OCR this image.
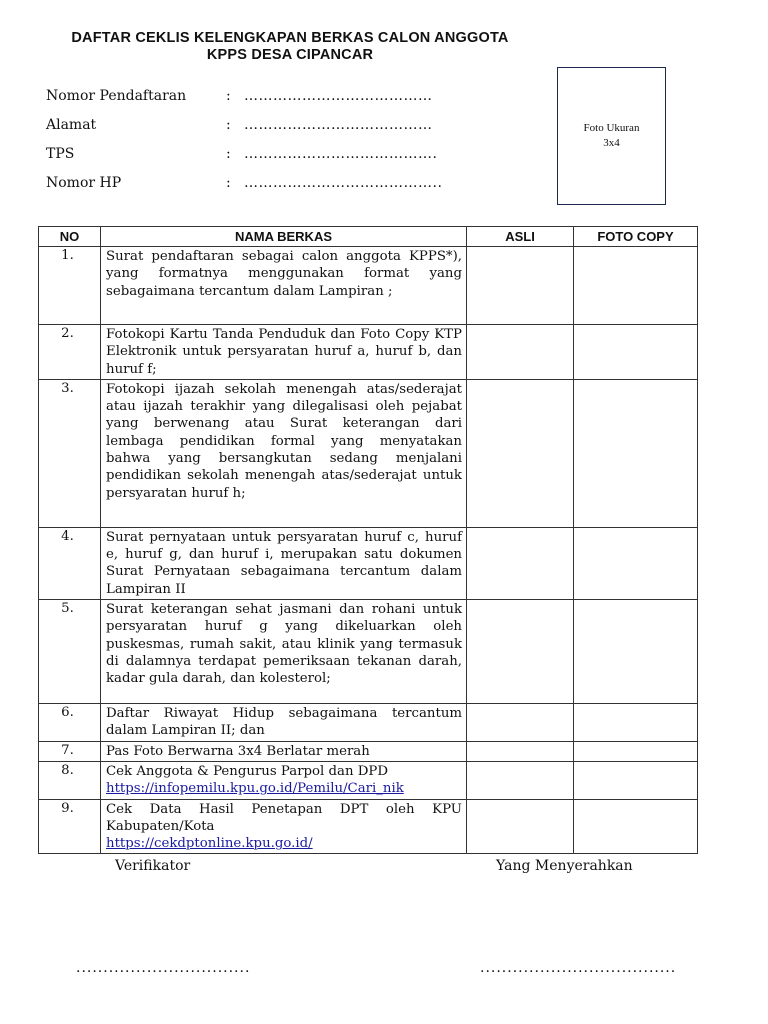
DAFTAR CEKLIS KELENGKAPAN BERKAS CALON ANGGOTA
KPPS DESA CIPANCAR
Nomor Pendaftaran	: …………………………………
Alamat	: …………………………………
TPS	: ………………………………….
Nomor HP	: …………………………………..
Foto Ukuran
3x4
NO	NAMA BERKAS	ASLI	FOTO COPY
1.	Surat pendaftaran sebagai calon anggota KPPS*), yang formatnya menggunakan format yang sebagaimana tercantum dalam Lampiran ;		

2.	Fotokopi Kartu Tanda Penduduk dan Foto Copy KTP Elektronik untuk persyaratan huruf a, huruf b, dan huruf f;		

3.	Fotokopi ijazah sekolah menengah atas/sederajat atau ijazah terakhir yang dilegalisasi oleh pejabat yang berwenang atau Surat keterangan dari lembaga pendidikan formal yang menyatakan bahwa yang bersangkutan sedang menjalani pendidikan sekolah menengah atas/sederajat untuk persyaratan huruf h;		

4.	Surat pernyataan untuk persyaratan huruf c, huruf e, huruf g, dan huruf i, merupakan satu dokumen Surat Pernyataan sebagaimana tercantum dalam Lampiran II		

5.	Surat keterangan sehat jasmani dan rohani untuk persyaratan huruf g yang dikeluarkan oleh puskesmas, rumah sakit, atau klinik yang termasuk di dalamnya terdapat pemeriksaan tekanan darah, kadar gula darah, dan kolesterol;		

6.	Daftar Riwayat Hidup sebagaimana tercantum dalam Lampiran II; dan		

7.	Pas Foto Berwarna 3x4 Berlatar merah		

8.	Cek Anggota & Pengurus Parpol dan DPD
https://infopemilu.kpu.go.id/Pemilu/Cari_nik		
9.	Cek Data Hasil Penetapan DPT oleh KPU Kabupaten/Kota
https://cekdptonline.kpu.go.id/		
Verifikator	Yang Menyerahkan
................................	....................................
